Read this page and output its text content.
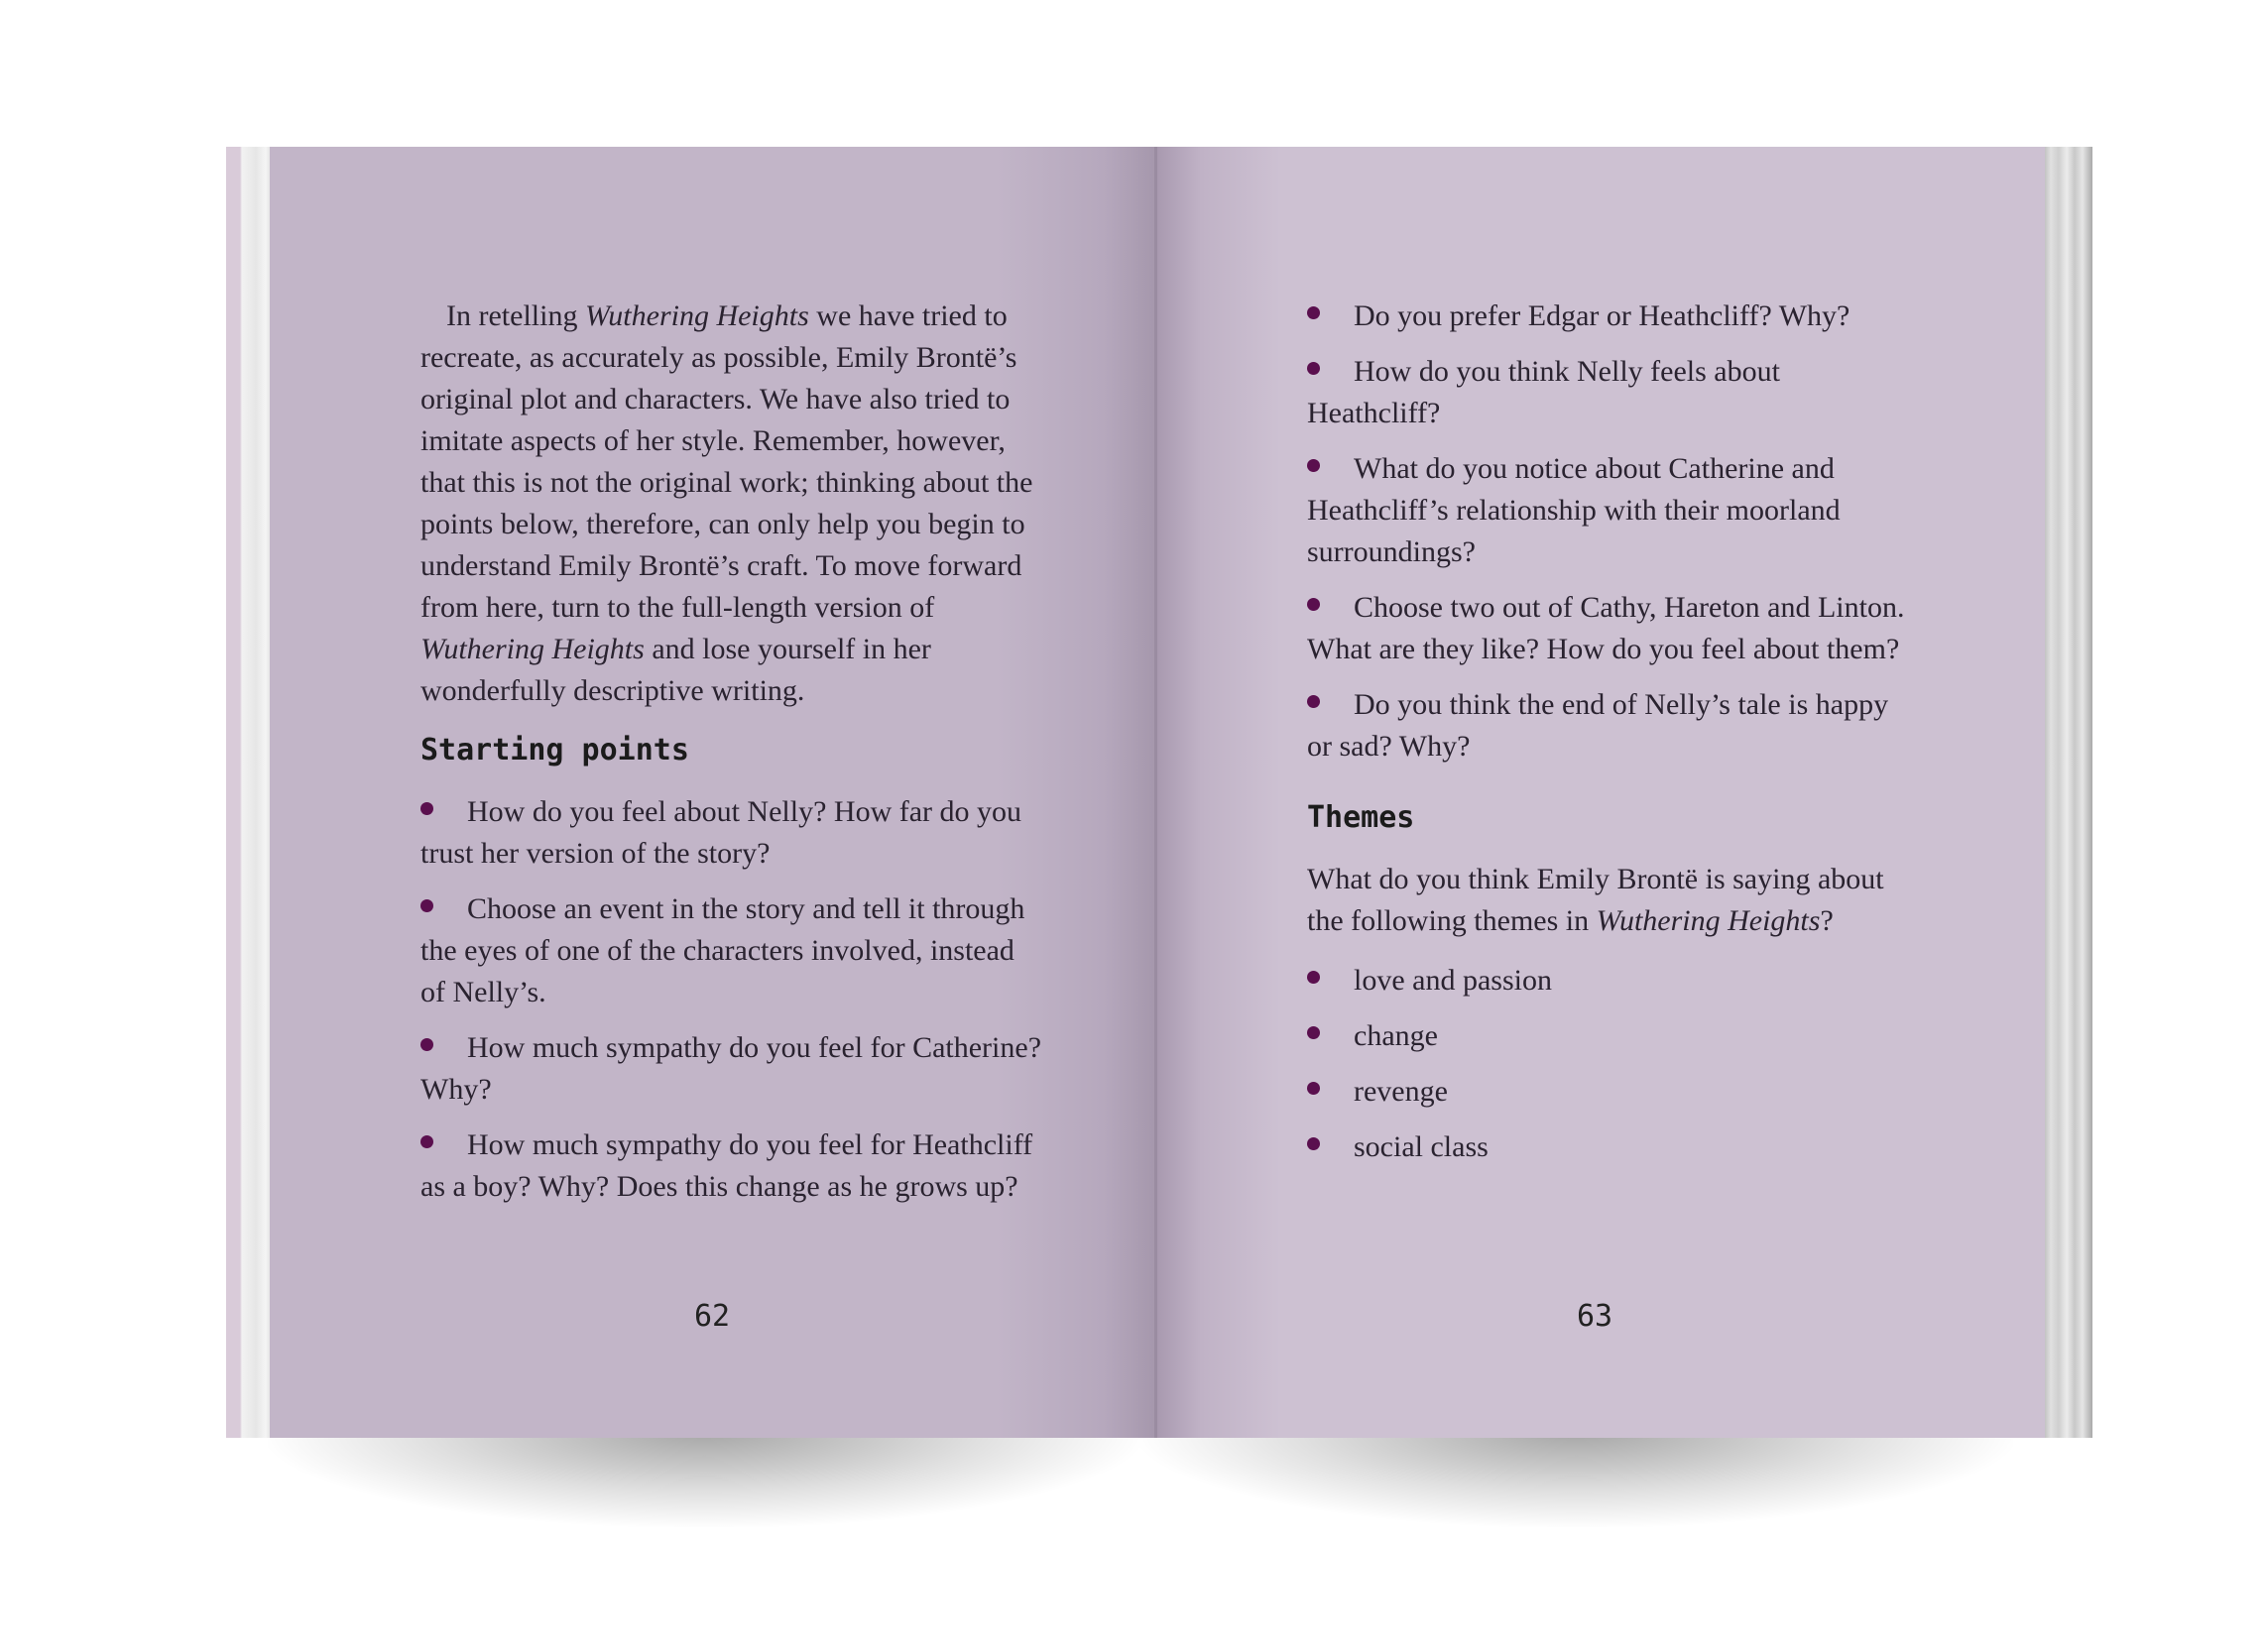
In retelling Wuthering Heights we have tried to recreate, as accurately as possible, Emily Brontë’s original plot and characters. We have also tried to imitate aspects of her style. Remember, however, that this is not the original work; thinking about the points below, therefore, can only help you begin to understand Emily Brontë’s craft. To move forward from here, turn to the full-length version of Wuthering Heights and lose yourself in her wonderfully descriptive writing.

Starting points
How do you feel about Nelly? How far do you trust her version of the story?
Choose an event in the story and tell it through the eyes of one of the characters involved, instead of Nelly’s.
How much sympathy do you feel for Catherine? Why?
How much sympathy do you feel for Heathcliff as a boy? Why? Does this change as he grows up?
62
Do you prefer Edgar or Heathcliff? Why?
How do you think Nelly feels about Heathcliff?
What do you notice about Catherine and Heathcliff’s relationship with their moorland surroundings?
Choose two out of Cathy, Hareton and Linton. What are they like? How do you feel about them?
Do you think the end of Nelly’s tale is happy or sad? Why?
Themes

What do you think Emily Brontë is saying about the following themes in Wuthering Heights?

love and passion
change
revenge
social class
63
